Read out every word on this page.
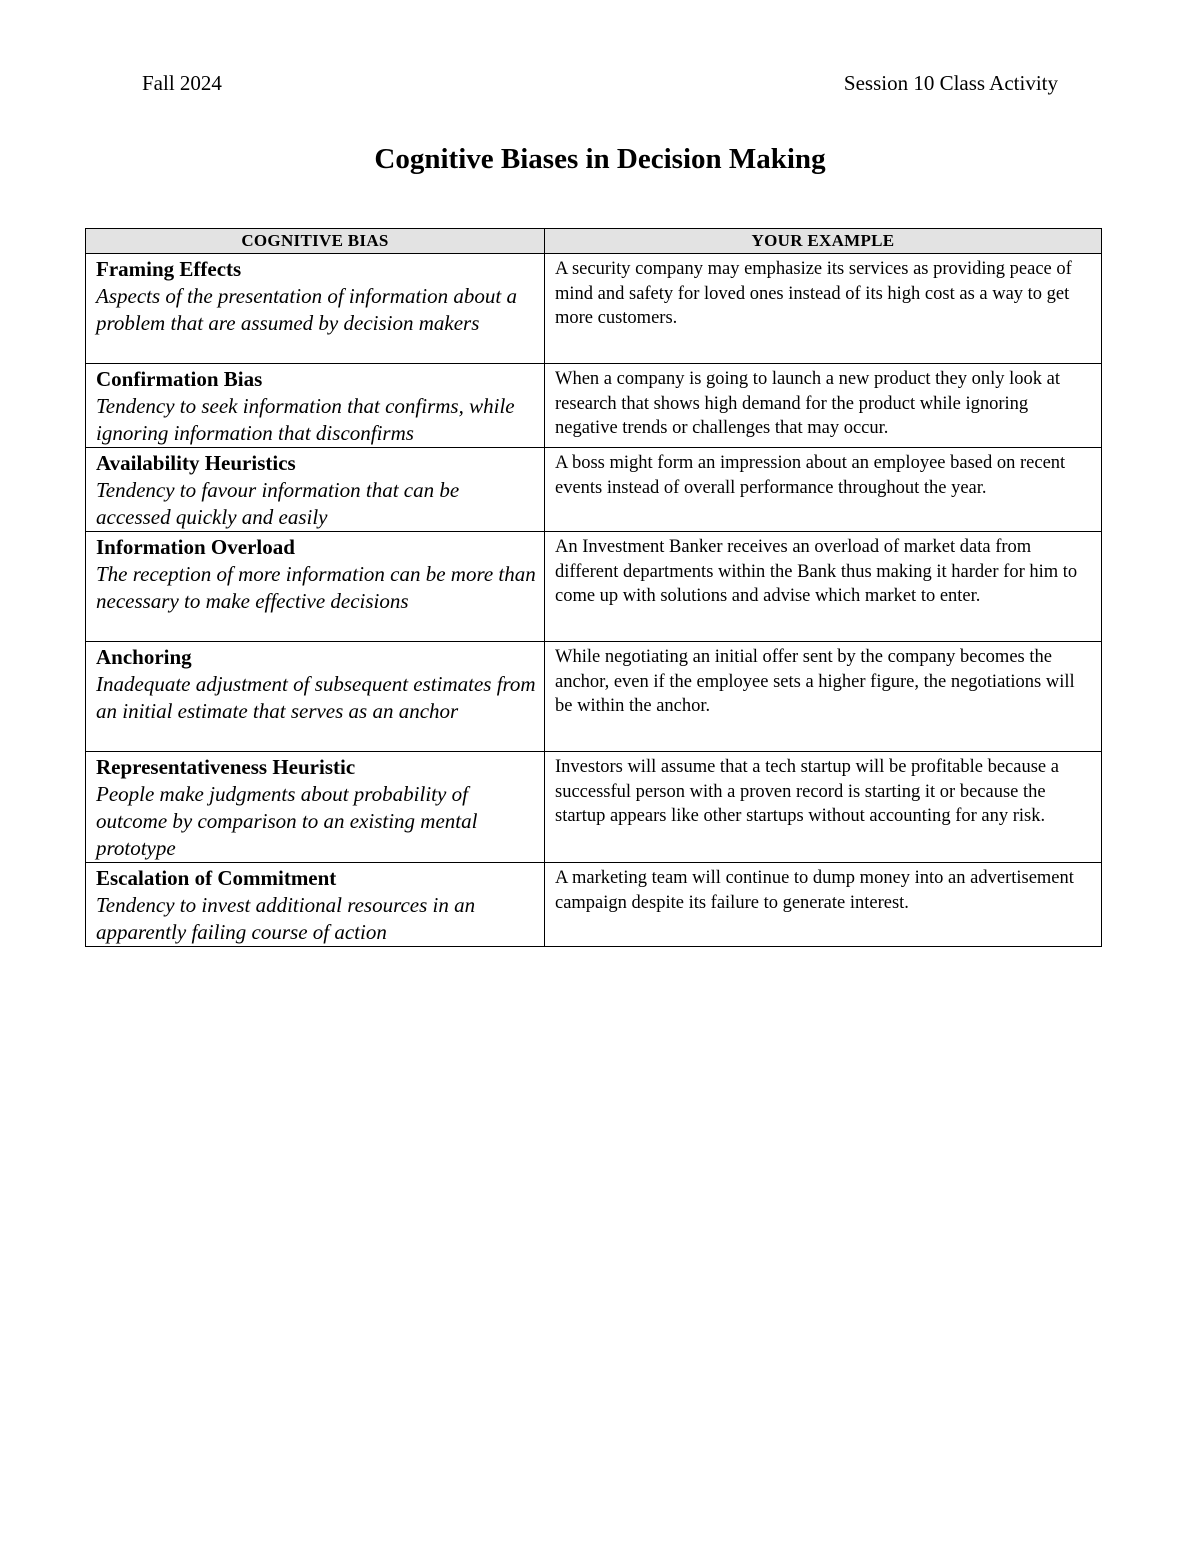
Fall 2024	Session 10 Class Activity
Cognitive Biases in Decision Making
COGNITIVE BIAS	YOUR EXAMPLE

Framing Effects
Aspects of the presentation of information about a problem that are assumed by decision makers	A security company may emphasize its services as providing peace of mind and safety for loved ones instead of its high cost as a way to get more customers.

Confirmation Bias
Tendency to seek information that confirms, while ignoring information that disconfirms	When a company is going to launch a new product they only look at research that shows high demand for the product while ignoring negative trends or challenges that may occur.

Availability Heuristics
Tendency to favour information that can be accessed quickly and easily	A boss might form an impression about an employee based on recent events instead of overall performance throughout the year.

Information Overload
The reception of more information can be more than necessary to make effective decisions	An Investment Banker receives an overload of market data from different departments within the Bank thus making it harder for him to come up with solutions and advise which market to enter.

Anchoring
Inadequate adjustment of subsequent estimates from an initial estimate that serves as an anchor	While negotiating an initial offer sent by the company becomes the anchor, even if the employee sets a higher figure, the negotiations will be within the anchor.

Representativeness Heuristic
People make judgments about probability of outcome by comparison to an existing mental prototype	Investors will assume that a tech startup will be profitable because a successful person with a proven record is starting it or because the startup appears like other startups without accounting for any risk.

Escalation of Commitment
Tendency to invest additional resources in an apparently failing course of action	A marketing team will continue to dump money into an advertisement campaign despite its failure to generate interest.
